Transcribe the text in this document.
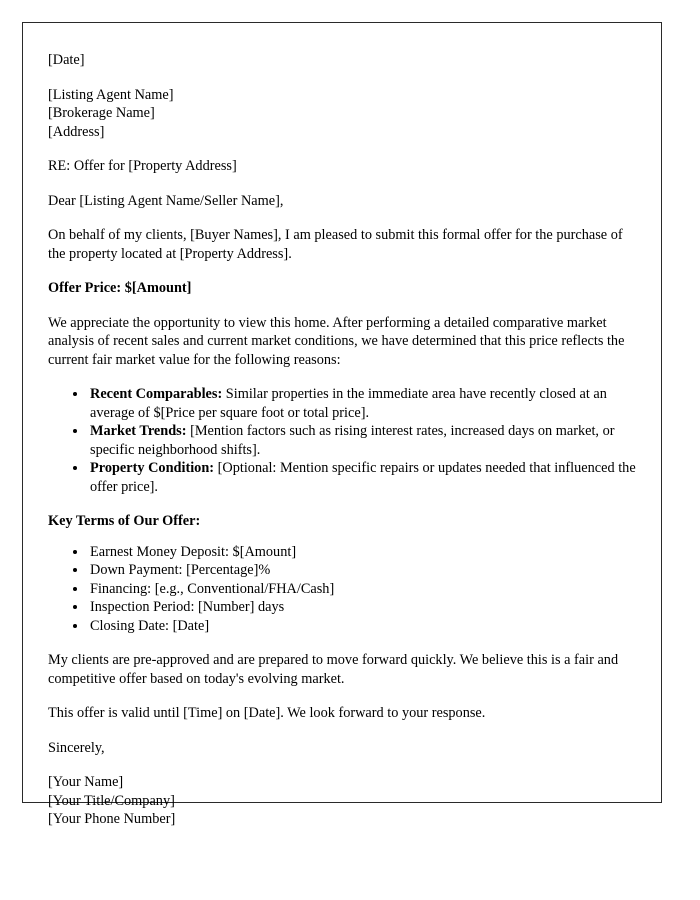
[Date]
[Listing Agent Name]
[Brokerage Name]
[Address]
RE: Offer for [Property Address]
Dear [Listing Agent Name/Seller Name],
On behalf of my clients, [Buyer Names], I am pleased to submit this formal offer for the purchase of the property located at [Property Address].
Offer Price: $[Amount]
We appreciate the opportunity to view this home. After performing a detailed comparative market analysis of recent sales and current market conditions, we have determined that this price reflects the current fair market value for the following reasons:
• Recent Comparables: Similar properties in the immediate area have recently closed at an average of $[Price per square foot or total price].
• Market Trends: [Mention factors such as rising interest rates, increased days on market, or specific neighborhood shifts].
• Property Condition: [Optional: Mention specific repairs or updates needed that influenced the offer price].
Key Terms of Our Offer:
• Earnest Money Deposit: $[Amount]
• Down Payment: [Percentage]%
• Financing: [e.g., Conventional/FHA/Cash]
• Inspection Period: [Number] days
• Closing Date: [Date]
My clients are pre-approved and are prepared to move forward quickly. We believe this is a fair and competitive offer based on today's evolving market.
This offer is valid until [Time] on [Date]. We look forward to your response.
Sincerely,
[Your Name]
[Your Title/Company]
[Your Phone Number]
